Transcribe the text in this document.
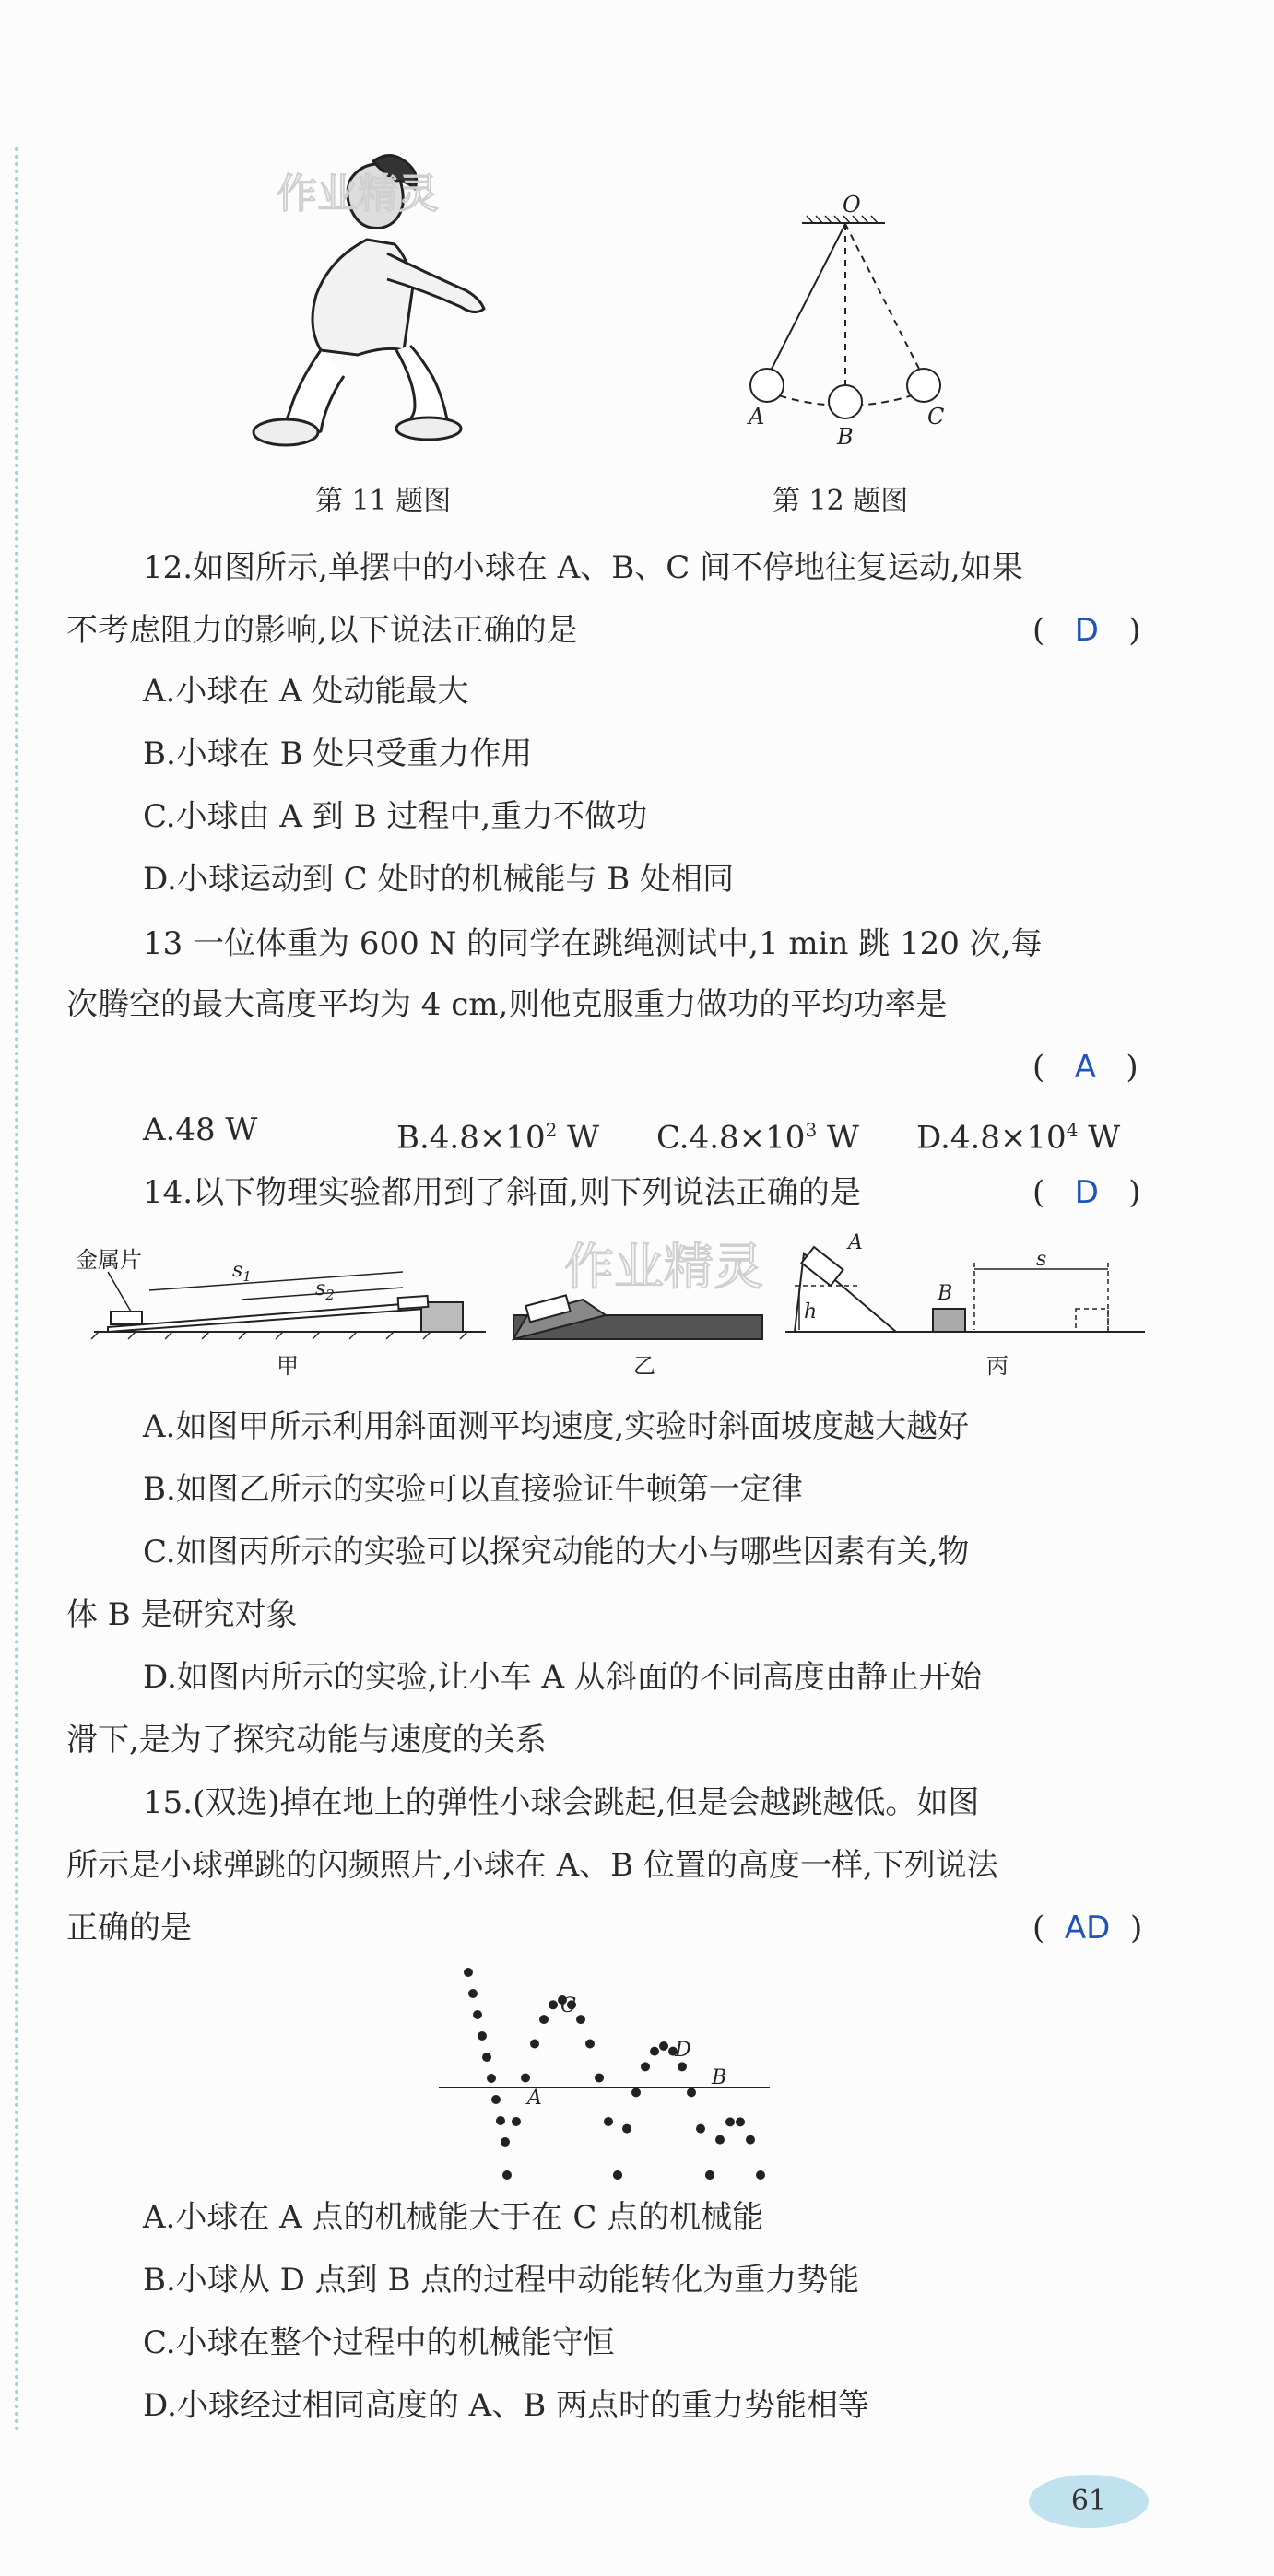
作业精灵	O
A
B
C
第 11 题图	第 12 题图
12.如图所示,单摆中的小球在 A、B、C 间不停地往复运动,如果
不考虑阻力的影响,以下说法正确的是	(   D   )
A.小球在 A 处动能最大
B.小球在 B 处只受重力作用
C.小球由 A 到 B 过程中,重力不做功
D.小球运动到 C 处时的机械能与 B 处相同
13 一位体重为 600 N 的同学在跳绳测试中,1 min 跳 120 次,每
次腾空的最大高度平均为 4 cm,则他克服重力做功的平均功率是
(   A   )
A.48 W	$B.4.8\times 10^2$ W $C.4.8\times 10^3$ W $D.4.8\times 10^4$ W
14.以下物理实验都用到了斜面,则下列说法正确的是	(   D   )
金属片	$s_1$
$s_2$
甲	乙
A
h
B
s
丙
作业精灵
A.如图甲所示利用斜面测平均速度,实验时斜面坡度越大越好
B.如图乙所示的实验可以直接验证牛顿第一定律
C.如图丙所示的实验可以探究动能的大小与哪些因素有关,物
体 B 是研究对象
D.如图丙所示的实验,让小车 A 从斜面的不同高度由静止开始
滑下,是为了探究动能与速度的关系
15.(双选)掉在地上的弹性小球会跳起,但是会越跳越低。如图
所示是小球弹跳的闪频照片,小球在 A、B 位置的高度一样,下列说法
正确的是	(  AD  )
C
A
D
B
A.小球在 A 点的机械能大于在 C 点的机械能
B.小球从 D 点到 B 点的过程中动能转化为重力势能
C.小球在整个过程中的机械能守恒
D.小球经过相同高度的 A、B 两点时的重力势能相等
61
